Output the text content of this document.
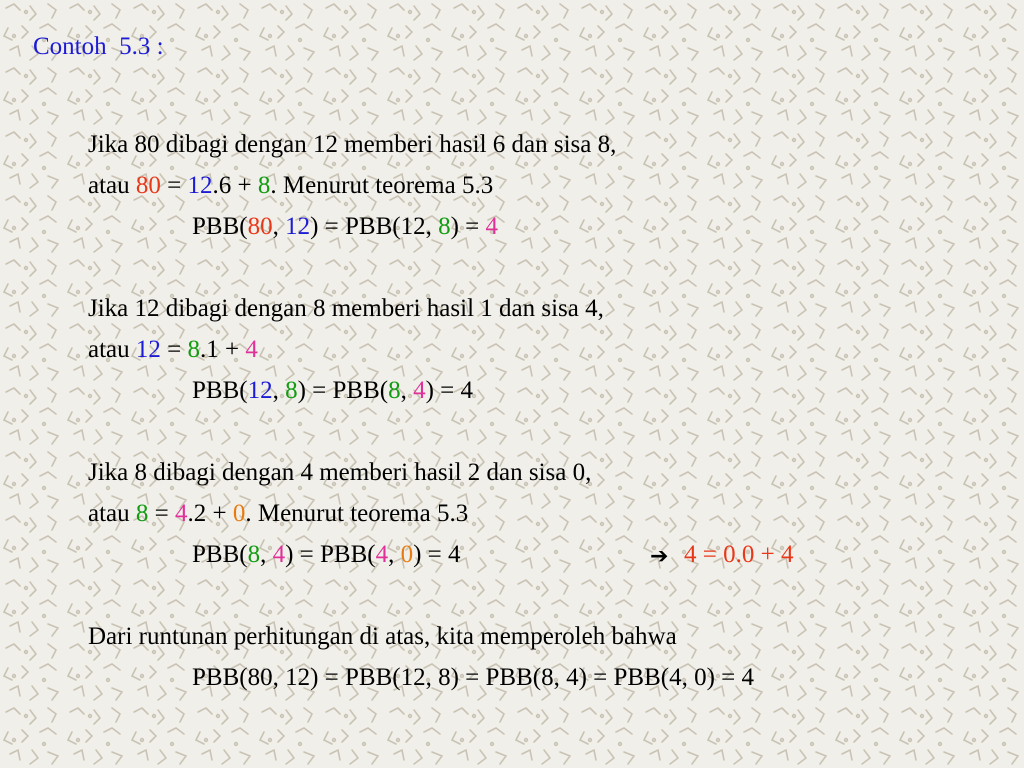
Contoh  5.3 :
Jika 80 dibagi dengan 12 memberi hasil 6 dan sisa 8,
atau 80 = 12.6 + 8. Menurut teorema 5.3
PBB(80, 12) = PBB(12, 8) = 4
Jika 12 dibagi dengan 8 memberi hasil 1 dan sisa 4,
atau 12 = 8.1 + 4
PBB(12, 8) = PBB(8, 4) = 4
Jika 8 dibagi dengan 4 memberi hasil 2 dan sisa 0,
atau 8 = 4.2 + 0. Menurut teorema 5.3
PBB(8, 4) = PBB(4, 0) = 4	➔ 4 = 0.0 + 4
Dari runtunan perhitungan di atas, kita memperoleh bahwa
PBB(80, 12) = PBB(12, 8) = PBB(8, 4) = PBB(4, 0) = 4
